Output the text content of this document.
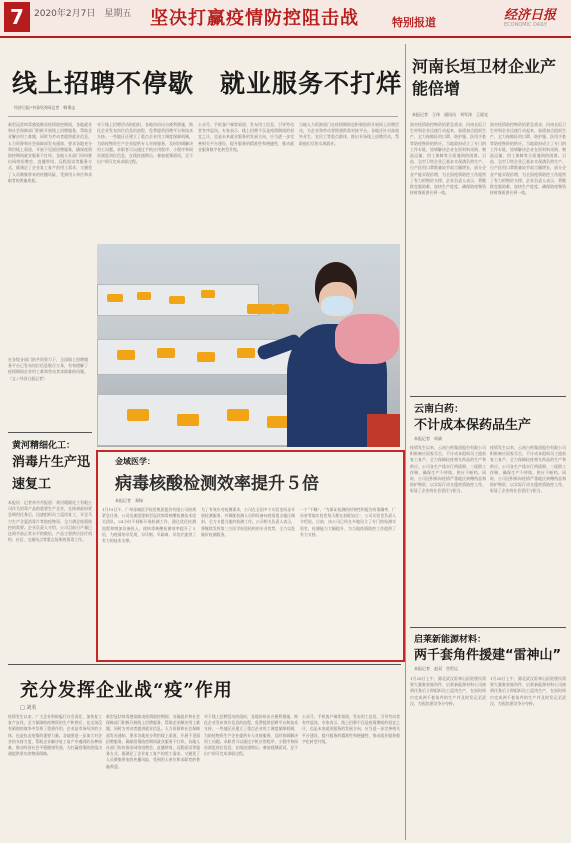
7	2020年2月7日　星期五 坚决打赢疫情防控阻击战	特别报道	经济日报
ECONOMIC DAILY
线上招聘不停歇　就业服务不打烊
经济日报·中国经济网记者　韩秉志
新型冠状病毒感染肺炎疫情防控期间，各地就业和社会保障部门积极开展线上招聘服务，帮助企业解决用工难题，同时为劳动者提供就业信息。人力资源和社会保障部发布通知，要求各地充分利用线上渠道，开展不见面招聘服务，确保疫情防控期间就业服务不打烊。各地人社部门纷纷推出网络招聘会、直播带岗、远程面试等服务方式，既满足了企业复工复产的用工需求，又避免了人员聚集带来的传播风险，受到用人单位和求职者的普遍欢迎。
对于线上招聘活动的组织，各地纷纷出台便利措施，简化企业发布岗位信息的流程，免费提供招聘平台和技术支持。一些地区还建立了重点企业用工调度保障机制，为防疫物资生产企业提供专人对接服务，及时协调解决用工问题。求职者可以通过手机应用程序、小程序和网站浏览岗位信息，在线投递简历，参加视频面试，足不出户即可完成求职过程。
公众号、手机客户端等渠道，发布用工信息，引导劳动者有序返岗。专家表示，线上招聘不仅是疫情期间的权宜之计，也是未来就业服务的发展方向，应当进一步完善相关平台建设，提升服务的精准性和便捷性，推动就业服务数字化转型升级。
当地人力资源部门在疫情期间也积极组织开展网上招聘活动，为企业和劳动者搭建供需对接平台。各地还针对高校毕业生、农民工等重点群体，推出专场线上招聘活动，帮助他们尽快实现就业。
在各级各部门的共同努力下，全国线上招聘服务平台已发布岗位信息数百万条，有效缓解了疫情期间企业用工难和劳动者求职难的问题。（文 / 经济日报记者）
金域医学：
病毒核酸检测效率提升５倍
本报记者　郑杨
1月19日午，广州金域医学检验集团股份有限公司接到紧急任务，公司迅速组建新型冠状病毒核酸检测技术攻关团队，24小时不间断开展检测工作，通过优化检测流程和增加设备投入，使病毒核酸检测效率提升了５倍，为疫情的早发现、早诊断、早隔离、早治疗提供了有力的技术支撑。
为了有效应对检测需求，公司在全国多个实验室同步开展检测服务，并调配检测人员和设备向疫情重点地区倾斜，全力支援当地的检测工作。公司相关负责人表示，将继续发挥第三方医学检验机构的专业优势，全力以赴做好检测服务。
一个“不睡”，“为保证检测的时效性和报告的准确率，广东省等地实验室每天都在加班加点”，公司实验室负责人介绍说。目前，该公司已经在多地设立了专门的检测实验室，检测能力大幅提升，为当地疫情防控工作提供了有力支持。
黄河精细化工：
消毒片生产迅速复工
本报讯　记者李丹丹报道：黄河精细化工有限公司作为消毒产品的重要生产企业，在接到政府紧急调用任务后，迅速组织员工返岗复工，开足马力生产含氯消毒片等防疫物资，全力满足疫情防控的需要。企业负责人介绍，公司目前日产量已达到节前正常水平的数倍，产品主要供应医疗机构、社区、交通站点等重点场所的消毒工作。
充分发挥企业战“疫”作用
□ 刘英
疫情发生以来，广大企业积极履行社会责任，加快复工复产步伐，全力保障防疫物资的生产和供应，在这场没有硝烟的战争中发挥了重要作用。企业是市场经济的主体，也是抗击疫情的重要力量。各地要进一步加大对企业的支持力度，帮助企业解决复工复产中遇到的各种困难，推动经济社会平稳健康发展，为打赢疫情防控阻击战提供坚实的物质保障。
新型冠状病毒感染肺炎疫情防控期间，各地就业和社会保障部门积极开展线上招聘服务，帮助企业解决用工难题，同时为劳动者提供就业信息。人力资源和社会保障部发布通知，要求各地充分利用线上渠道，开展不见面招聘服务，确保疫情防控期间就业服务不打烊。各地人社部门纷纷推出网络招聘会、直播带岗、远程面试等服务方式，既满足了企业复工复产的用工需求，又避免了人员聚集带来的传播风险，受到用人单位和求职者的普遍欢迎。
对于线上招聘活动的组织，各地纷纷出台便利措施，简化企业发布岗位信息的流程，免费提供招聘平台和技术支持。一些地区还建立了重点企业用工调度保障机制，为防疫物资生产企业提供专人对接服务，及时协调解决用工问题。求职者可以通过手机应用程序、小程序和网站浏览岗位信息，在线投递简历，参加视频面试，足不出户即可完成求职过程。
公众号、手机客户端等渠道，发布用工信息，引导劳动者有序返岗。专家表示，线上招聘不仅是疫情期间的权宜之计，也是未来就业服务的发展方向，应当进一步完善相关平台建设，提升服务的精准性和便捷性，推动就业服务数字化转型升级。
河南长垣卫材企业产能倍增
本报记者　王伟　通讯员　刘军涛　王晨光
面对疫情防控物资的紧急需求，河南长垣卫生材料企业迅速行动起来，加班加点组织生产，全力保障医用口罩、防护服、医用手套等防疫物资的供应。当地政府成立了专门的工作专班，协调解决企业在原材料采购、物流运输、用工保障等方面遇到的困难。目前，全市卫材企业已基本实现满负荷生产，日产医用口罩数量较节前大幅增长，部分企业产能实现倍增，为全国疫情防控工作提供了有力的物资支撑。企业负责人表示，将继续克服困难，加快生产进度，确保防疫物资按时保质供应到一线。
面对疫情防控物资的紧急需求，河南长垣卫生材料企业迅速行动起来，加班加点组织生产，全力保障医用口罩、防护服、医用手套等防疫物资的供应。当地政府成立了专门的工作专班，协调解决企业在原材料采购、物流运输、用工保障等方面遇到的困难。目前，全市卫材企业已基本实现满负荷生产，日产医用口罩数量较节前大幅增长，部分企业产能实现倍增，为全国疫情防控工作提供了有力的物资支撑。企业负责人表示，将继续克服困难，加快生产进度，确保防疫物资按时保质供应到一线。
云南白药：
不计成本保药品生产
本报记者　周斌
疫情发生以来，云南白药集团股份有限公司积极响应国家号召，不计成本组织员工提前复工复产，全力保障抗疫相关药品的生产和供应。公司各生产线实行两班倒、三班倒工作制，确保生产不停线、供应不断档。同时，公司还积极向疫情严重地区捐赠药品和防护物资，以实际行动支援疫情防控工作，彰显了企业的社会责任与担当。
疫情发生以来，云南白药集团股份有限公司积极响应国家号召，不计成本组织员工提前复工复产，全力保障抗疫相关药品的生产和供应。公司各生产线实行两班倒、三班倒工作制，确保生产不停线、供应不断档。同时，公司还积极向疫情严重地区捐赠药品和防护物资，以实际行动支援疫情防控工作，彰显了企业的社会责任与担当。
启莱新能源材料：
两千套角件援建“雷神山”
本报记者　赵双　宫世运
1月28日上午，湖北武汉雷神山医院建设需要大量集装箱角件，启莱新能源材料公司接到任务后立即组织员工返岗生产，在短时间内完成两千套角件的生产并及时发运至武汉，为医院建设争分夺秒。
1月28日上午，湖北武汉雷神山医院建设需要大量集装箱角件，启莱新能源材料公司接到任务后立即组织员工返岗生产，在短时间内完成两千套角件的生产并及时发运至武汉，为医院建设争分夺秒。
